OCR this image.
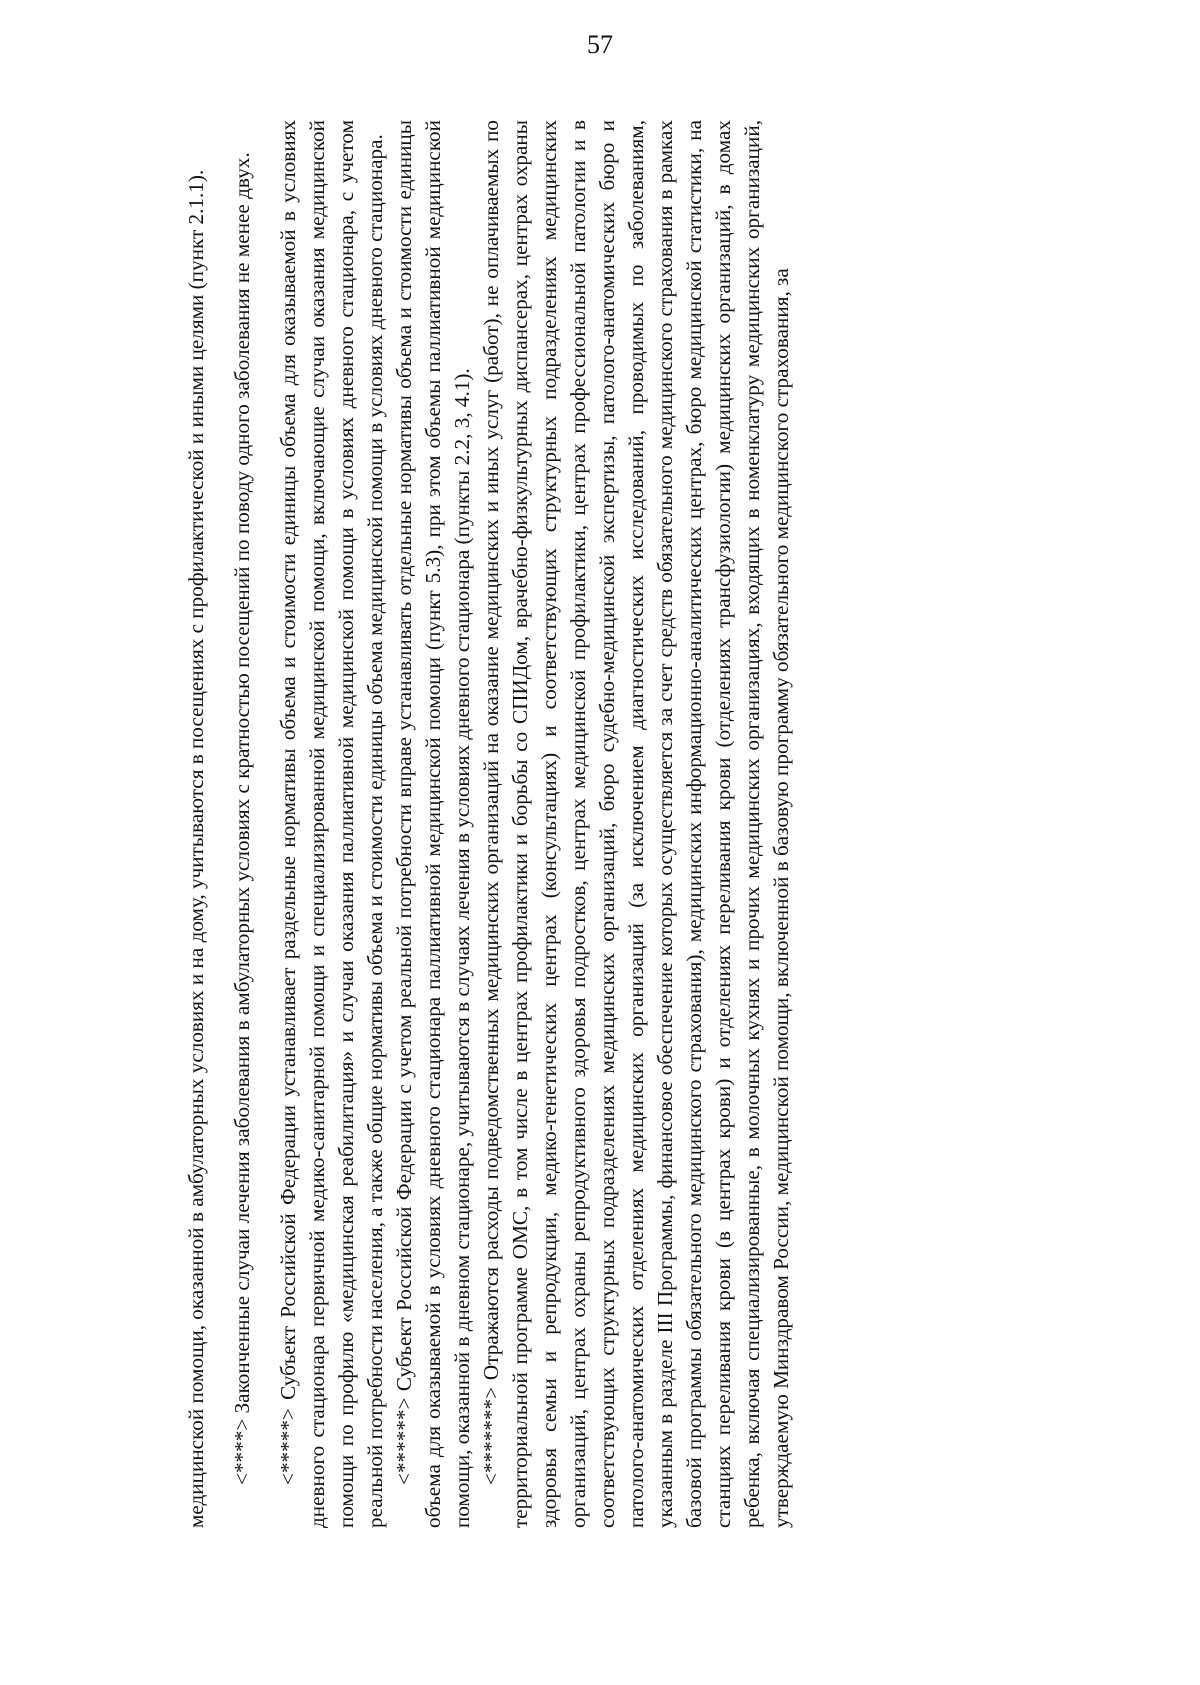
57

медицинской помощи, оказанной в амбулаторных условиях и на дому, учитываются в посещениях с профилактической и иными целями (пункт 2.1.1). <****> Законченные случаи лечения заболевания в амбулаторных условиях с кратностью посещений по поводу одного заболевания не менее двух. <*****> Субъект Российской Федерации устанавливает раздельные нормативы объема и стоимости единицы объема для оказываемой в условиях дневного стационара первичной медико-санитарной помощи и специализированной медицинской помощи, включающие случаи оказания медицинской помощи по профилю «медицинская реабилитация» и случаи оказания паллиативной медицинской помощи в условиях дневного стационара, с учетом реальной потребности населения, а также общие нормативы объема и стоимости единицы объема медицинской помощи в условиях дневного стационара. <******> Субъект Российской Федерации с учетом реальной потребности вправе устанавливать отдельные нормативы объема и стоимости единицы объема для оказываемой в условиях дневного стационара паллиативной медицинской помощи (пункт 5.3), при этом объемы паллиативной медицинской помощи, оказанной в дневном стационаре, учитываются в случаях лечения в условиях дневного стационара (пункты 2.2, 3, 4.1). <*******> Отражаются расходы подведомственных медицинских организаций на оказание медицинских и иных услуг (работ), не оплачиваемых по территориальной программе ОМС, в том числе в центрах профилактики и борьбы со СПИДом, врачебно-физкультурных диспансерах, центрах охраны здоровья семьи и репродукции, медико-генетических центрах (консультациях) и соответствующих структурных подразделениях медицинских организаций, центрах охраны репродуктивного здоровья подростков, центрах медицинской профилактики, центрах профессиональной патологии и в соответствующих структурных подразделениях медицинских организаций, бюро судебно-медицинской экспертизы, патолого-анатомических бюро и патолого-анатомических отделениях медицинских организаций (за исключением диагностических исследований, проводимых по заболеваниям, указанным в разделе III Программы, финансовое обеспечение которых осуществляется за счет средств обязательного медицинского страхования в рамках базовой программы обязательного медицинского страхования), медицинских информационно-аналитических центрах, бюро медицинской статистики, на станциях переливания крови (в центрах крови) и отделениях переливания крови (отделениях трансфузиологии) медицинских организаций, в домах ребенка, включая специализированные, в молочных кухнях и прочих медицинских организациях, входящих в номенклатуру медицинских организаций, утверждаемую Минздравом России, медицинской помощи, включенной в базовую программу обязательного медицинского страхования, за
